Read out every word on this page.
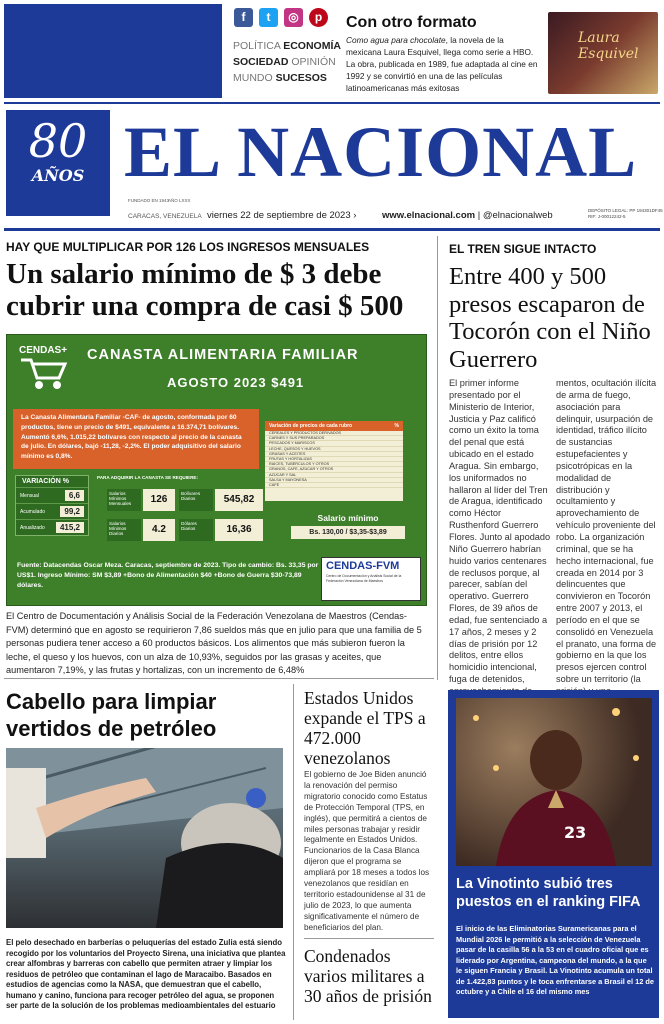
f	t	◎	p
POLÍTICA ECONOMÍA
SOCIEDAD OPINIÓN
MUNDO SUCESOS
Con otro formato
Como agua para chocolate, la novela de la mexicana Laura Esquivel, llega como serie a HBO. La obra, publicada en 1989, fue adaptada al cine en 1992 y se convirtió en una de las películas latinoamericanas más exitosas
Laura Esquivel
80
AÑOS EL NACIONAL
FUNDADO EN 1943
AÑO LXXX
CARACAS, VENEZUELA viernes 22 de septiembre de 2023 ›	www.elnacional.com | @elnacionalweb	DEPÓSITO LEGAL: PP 194301DF45
RIF: J-00012242-5
HAY QUE MULTIPLICAR POR 126 LOS INGRESOS MENSUALES
Un salario mínimo de $ 3 debe cubrir una compra de casi $ 500
CENDAS+	CANASTA ALIMENTARIA FAMILIAR
AGOSTO 2023 $491
La Canasta Alimentaria Familiar -CAF- de agosto, conformada por 60 productos, tiene un precio de $491, equivalente a 16.374,71 bolívares. Aumentó 6,6%, 1.015,22 bolívares con respecto al precio de la canasta de julio. En dólares, bajó -11,28, -2,2%. El poder adquisitivo del salario mínimo es 0,8%.
Variación de precios de cada rubro	%
CEREALES Y PRODUCTOS DERIVADOS
CARNES Y SUS PREPARADOS
PESCADOS Y MARISCOS
LECHE, QUESOS Y HUEVOS
GRASAS Y ACEITES
FRUTAS Y HORTALIZAS
RAÍCES, TUBÉRCULOS Y OTROS
GRANOS, CAFÉ, AZÚCAR Y OTROS
AZÚCAR Y SAL
SALSA Y MAYONESA
CAFÉ
VARIACIÓN %
Mensual	6,6
Acumulado	99,2
Anualizado	415,2
PARA ADQUIRIR LA CANASTA SE REQUIERE:
Salarios Mínimos Mensuales	126
Bolívares Diarios	545,82
Salarios Mínimos Diarios	4.2
Dólares Diarios	16,36
Salario mínimo
Bs. 130,00 / $3,35-$3,89
Fuente: Datacendas Oscar Meza. Caracas, septiembre de 2023. Tipo de cambio: Bs. 33,35 por US$1. Ingreso Mínimo: SM $3,89 +Bono de Alimentación $40 +Bono de Guerra $30-73,89 dólares.
CENDAS-FVM
Centro de Documentación y Análisis Social de la Federación Venezolana de Maestros
El Centro de Documentación y Análisis Social de la Federación Venezolana de Maestros (Cendas-FVM) determinó que en agosto se requirieron 7,86 sueldos más que en julio para que una familia de 5 personas pudiera tener acceso a 60 productos básicos. Los alimentos que más subieron fueron la leche, el queso y los huevos, con un alza de 10,93%, seguidos por las grasas y aceites, que aumentaron 7,19%, y las frutas y hortalizas, con un incremento de 6,48%
EL TREN SIGUE INTACTO
Entre 400 y 500 presos escaparon de Tocorón con el Niño Guerrero
El primer informe presentado por el Ministerio de Interior, Justicia y Paz calificó como un éxito la toma del penal que está ubicado en el estado Aragua. Sin embargo, los uniformados no hallaron al líder del Tren de Aragua, identificado como Héctor Rusthenford Guerrero Flores. Junto al apodado Niño Guerrero habrían huido varios centenares de reclusos porque, al parecer, sabían del operativo. Guerrero Flores, de 39 años de edad, fue sentenciado a 17 años, 2 meses y 2 días de prisión por 12 delitos, entre ellos homicidio intencional, fuga de detenidos,
mentos, ocultación ilícita de arma de fuego, asociación para delinquir, usurpación de identidad, tráfico ilícito de sustancias estupefacientes y psicotrópicas en la modalidad de distribución y ocultamiento y aprovechamiento de vehículo proveniente del robo. La organización criminal, que se ha hecho internacional, fue creada en 2014 por 3 delincuentes que convivieron en Tocorón entre 2007 y 2013, el período en el que se consolidó en Venezuela el pranato, una forma de gobierno en la que los presos ejercen control sobre un territorio (la
Cabello para limpiar vertidos de petróleo
El pelo desechado en barberías o peluquerías del estado Zulia está siendo recogido por los voluntarios del Proyecto Sirena, una iniciativa que plantea crear alfombras y barreras con cabello que permiten atraer y limpiar los residuos de petróleo que contaminan el lago de Maracaibo. Basados en estudios de agencias como la NASA, que demuestran que el cabello, humano y canino, funciona para recoger petróleo del agua, se proponen ser parte de la solución de los problemas medioambientales del estuario
Estados Unidos expande el TPS a 472.000 venezolanos
El gobierno de Joe Biden anunció la renovación del permiso migratorio conocido como Estatus de Protección Temporal (TPS, en inglés), que permitirá a cientos de miles personas trabajar y residir legalmente en Estados Unidos. Funcionarios de la Casa Blanca dijeron que el programa se ampliará por 18 meses a todos los venezolanos que residían en territorio estadounidense al 31 de julio de 2023, lo que aumenta significativamente el número de beneficiarios del plan.
Condenados varios militares a 30 años de prisión
23
La Vinotinto subió tres puestos en el ranking FIFA
El inicio de las Eliminatorias Suramericanas para el Mundial 2026 le permitió a la selección de Venezuela pasar de la casilla 56 a la 53 en el cuadro oficial que es liderado por Argentina, campeona del mundo, a la que le siguen Francia y Brasil. La Vinotinto acumula un total de 1.422,83 puntos y le toca enfrentarse a Brasil el 12 de octubre y a Chile el 16 del mismo mes
